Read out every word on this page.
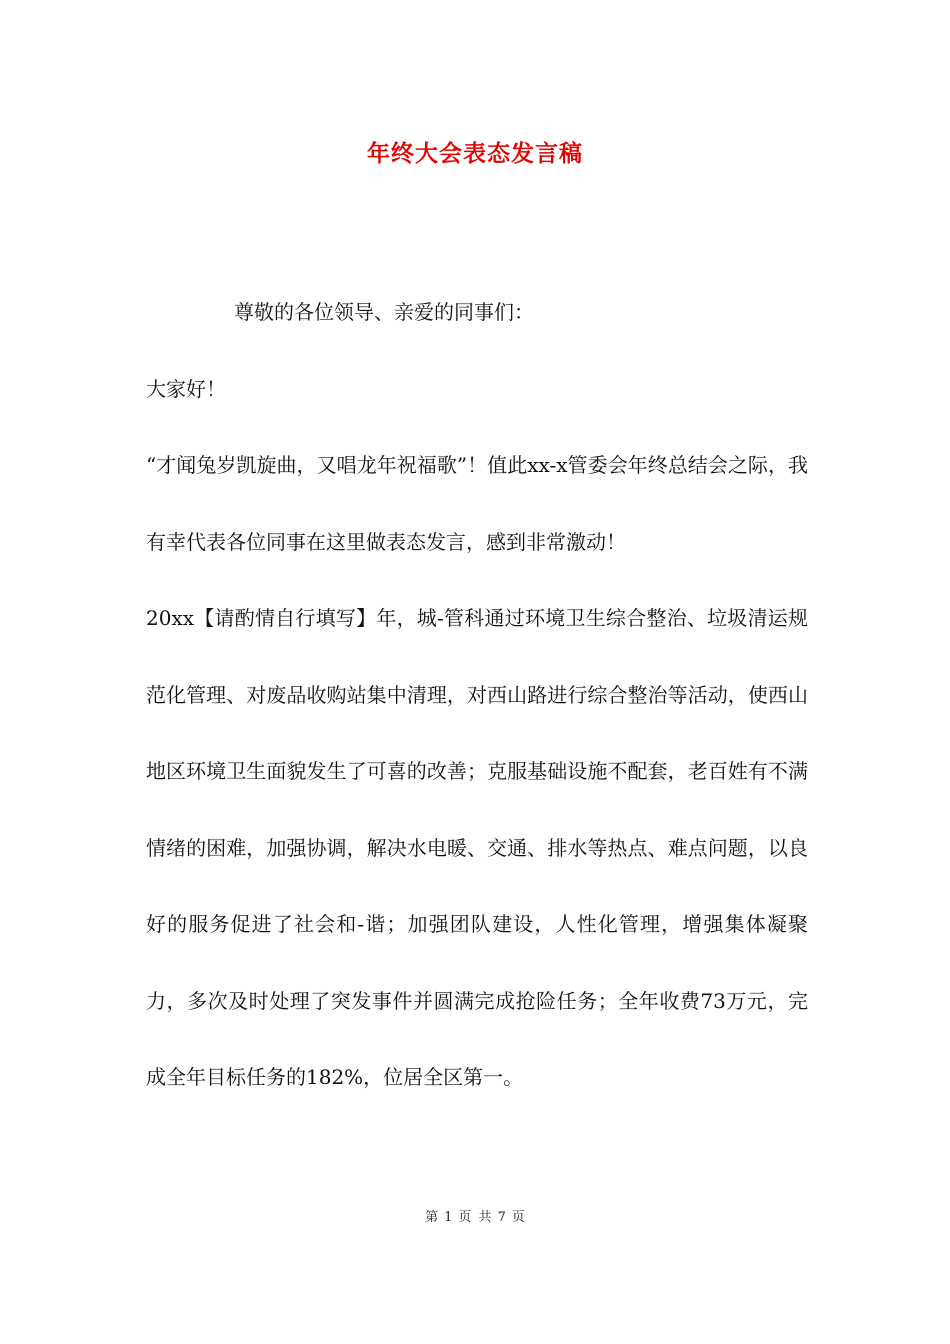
年终大会表态发言稿

尊敬的各位领导、亲爱的同事们：

大家好！

“才闻兔岁凯旋曲，又唱龙年祝福歌”！值此xx-x管委会年终总结会之际，我有幸代表各位同事在这里做表态发言，感到非常激动！

20xx【请酌情自行填写】年，城-管科通过环境卫生综合整治、垃圾清运规范化管理、对废品收购站集中清理，对西山路进行综合整治等活动，使西山地区环境卫生面貌发生了可喜的改善；克服基础设施不配套，老百姓有不满情绪的困难，加强协调，解决水电暖、交通、排水等热点、难点问题，以良好的服务促进了社会和-谐；加强团队建设，人性化管理，增强集体凝聚力，多次及时处理了突发事件并圆满完成抢险任务；全年收费73万元，完成全年目标任务的182%，位居全区第一。

第 1 页 共 7 页
